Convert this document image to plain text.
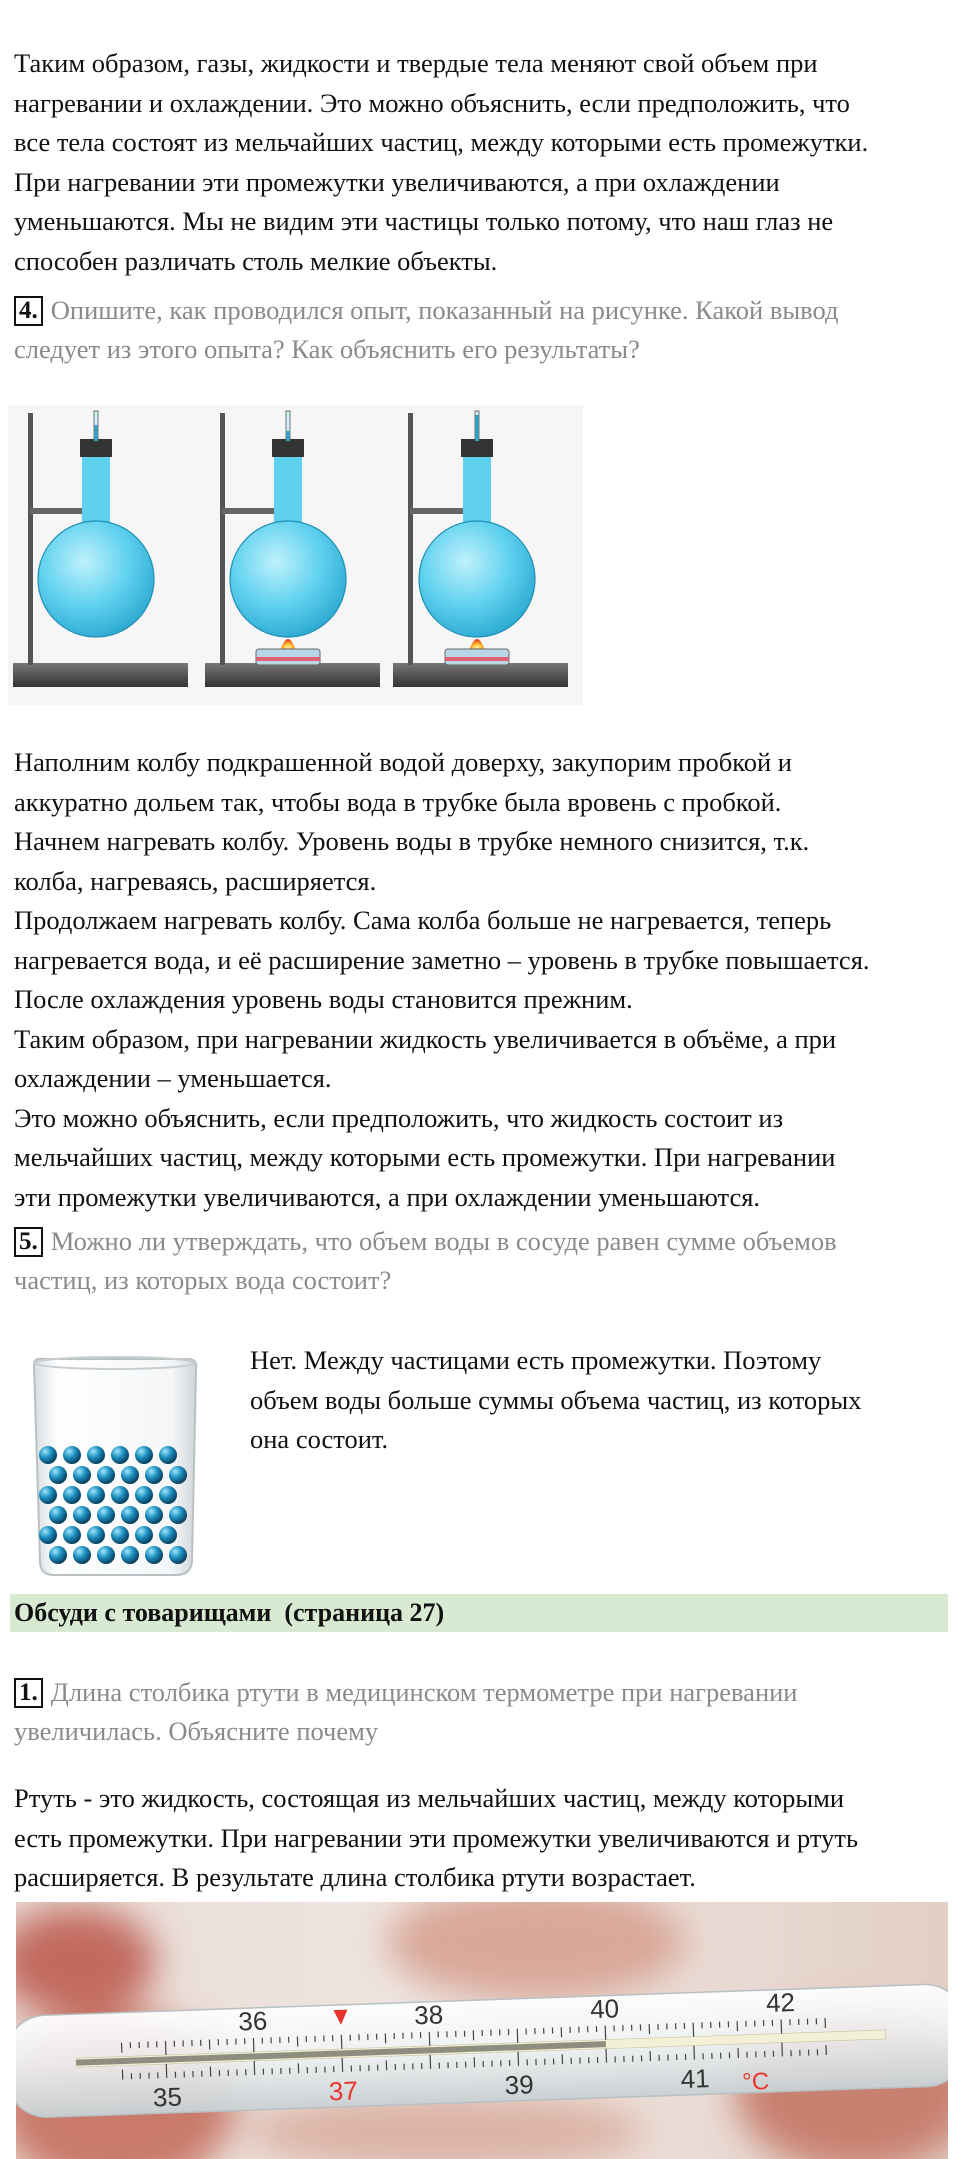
Таким образом, газы, жидкости и твердые тела меняют свой объем при
нагревании и охлаждении. Это можно объяснить, если предположить, что
все тела состоят из мельчайших частиц, между которыми есть промежутки.
При нагревании эти промежутки увеличиваются, а при охлаждении
уменьшаются. Мы не видим эти частицы только потому, что наш глаз не
способен различать столь мелкие объекты.
4. Опишите, как проводился опыт, показанный на рисунке. Какой вывод
следует из этого опыта? Как объяснить его результаты?
Наполним колбу подкрашенной водой доверху, закупорим пробкой и
аккуратно дольем так, чтобы вода в трубке была вровень с пробкой.
Начнем нагревать колбу. Уровень воды в трубке немного снизится, т.к.
колба, нагреваясь, расширяется.
Продолжаем нагревать колбу. Сама колба больше не нагревается, теперь
нагревается вода, и её расширение заметно – уровень в трубке повышается.
После охлаждения уровень воды становится прежним.
Таким образом, при нагревании жидкость увеличивается в объёме, а при
охлаждении – уменьшается.
Это можно объяснить, если предположить, что жидкость состоит из
мельчайших частиц, между которыми есть промежутки. При нагревании
эти промежутки увеличиваются, а при охлаждении уменьшаются.
5. Можно ли утверждать, что объем воды в сосуде равен сумме объемов
частиц, из которых вода состоит?
Нет. Между частицами есть промежутки. Поэтому
объем воды больше суммы объема частиц, из которых
она состоит.
Обсуди с товарищами  (страница 27)
1. Длина столбика ртути в медицинском термометре при нагревании
увеличилась. Объясните почему
Ртуть - это жидкость, состоящая из мельчайших частиц, между которыми
есть промежутки. При нагревании эти промежутки увеличиваются и ртуть
расширяется. В результате длина столбика ртути возрастает.
36	38	40	42
35	37	39	41 °C
